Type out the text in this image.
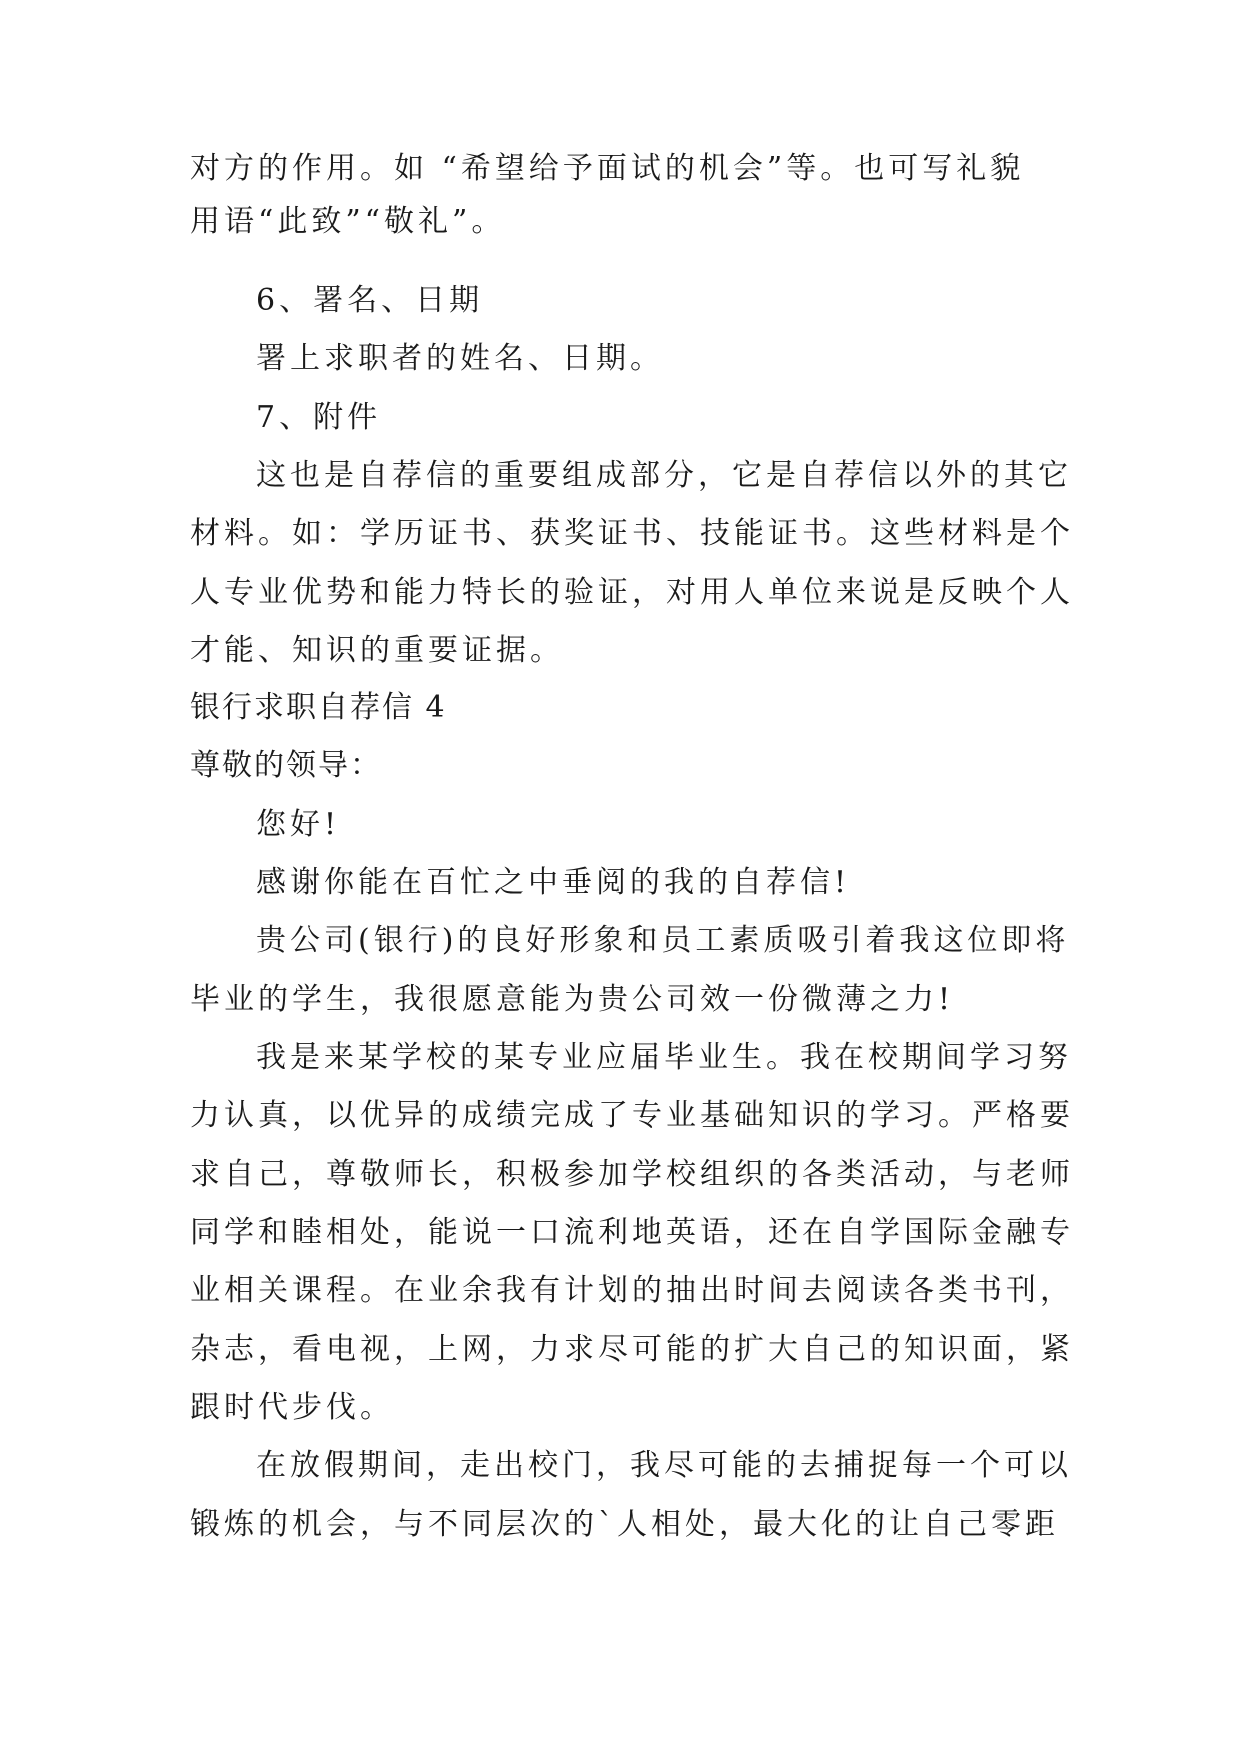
对方的作用。如 “希望给予面试的机会”等。也可写礼貌
用语“此致”“敬礼”。
6、署名、日期
署上求职者的姓名、日期。
7、附件
这也是自荐信的重要组成部分，它是自荐信以外的其它
材料。如：学历证书、获奖证书、技能证书。这些材料是个
人专业优势和能力特长的验证，对用人单位来说是反映个人
才能、知识的重要证据。
银行求职自荐信 4
尊敬的领导：
您好!
感谢你能在百忙之中垂阅的我的自荐信!
贵公司(银行)的良好形象和员工素质吸引着我这位即将
毕业的学生，我很愿意能为贵公司效一份微薄之力!
我是来某学校的某专业应届毕业生。我在校期间学习努
力认真，以优异的成绩完成了专业基础知识的学习。严格要
求自己，尊敬师长，积极参加学校组织的各类活动，与老师
同学和睦相处，能说一口流利地英语，还在自学国际金融专
业相关课程。在业余我有计划的抽出时间去阅读各类书刊，
杂志，看电视，上网，力求尽可能的扩大自己的知识面，紧
跟时代步伐。
在放假期间，走出校门，我尽可能的去捕捉每一个可以
锻炼的机会，与不同层次的`人相处，最大化的让自己零距
